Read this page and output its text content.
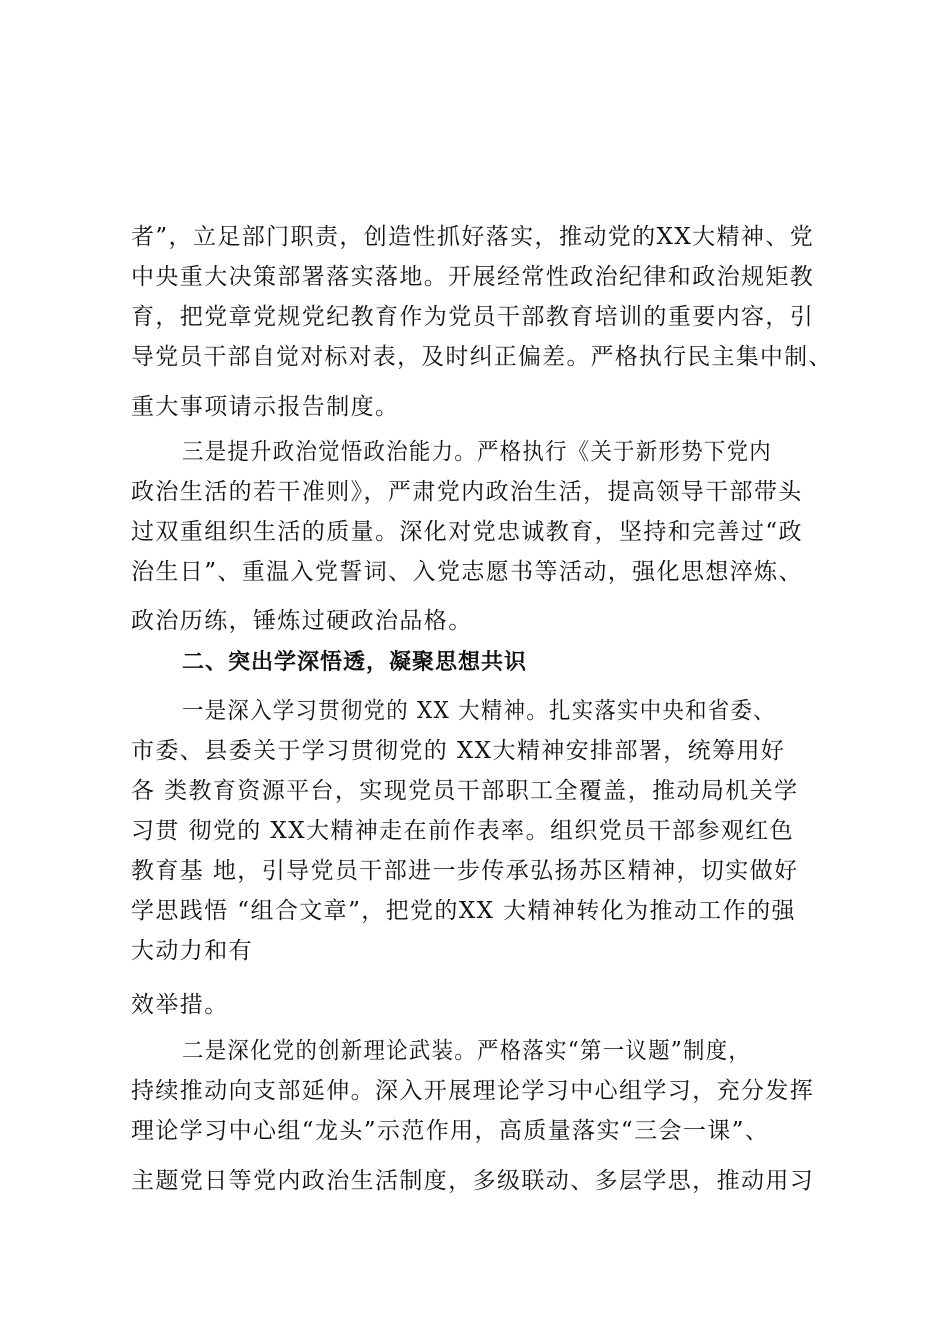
者”，立足部门职责，创造性抓好落实，推动党的XX大精神、党
中央重大决策部署落实落地。开展经常性政治纪律和政治规矩教
育，把党章党规党纪教育作为党员干部教育培训的重要内容，引
导党员干部自觉对标对表，及时纠正偏差。严格执行民主集中制、
重大事项请示报告制度。
三是提升政治觉悟政治能力。严格执行《关于新形势下党内
政治生活的若干准则》，严肃党内政治生活，提高领导干部带头
过双重组织生活的质量。深化对党忠诚教育，坚持和完善过“政
治生日”、重温入党誓词、入党志愿书等活动，强化思想淬炼、
政治历练，锤炼过硬政治品格。
二、突出学深悟透，凝聚思想共识
一是深入学习贯彻党的 XX 大精神。扎实落实中央和省委、
市委、县委关于学习贯彻党的 XX大精神安排部署，统筹用好
各 类教育资源平台，实现党员干部职工全覆盖，推动局机关学
习贯 彻党的 XX大精神走在前作表率。组织党员干部参观红色
教育基 地，引导党员干部进一步传承弘扬苏区精神，切实做好
学思践悟 “组合文章”，把党的XX 大精神转化为推动工作的强
大动力和有
效举措。
二是深化党的创新理论武装。严格落实“第一议题”制度，
持续推动向支部延伸。深入开展理论学习中心组学习，充分发挥
理论学习中心组“龙头”示范作用，高质量落实“三会一课”、
主题党日等党内政治生活制度，多级联动、多层学思，推动用习
